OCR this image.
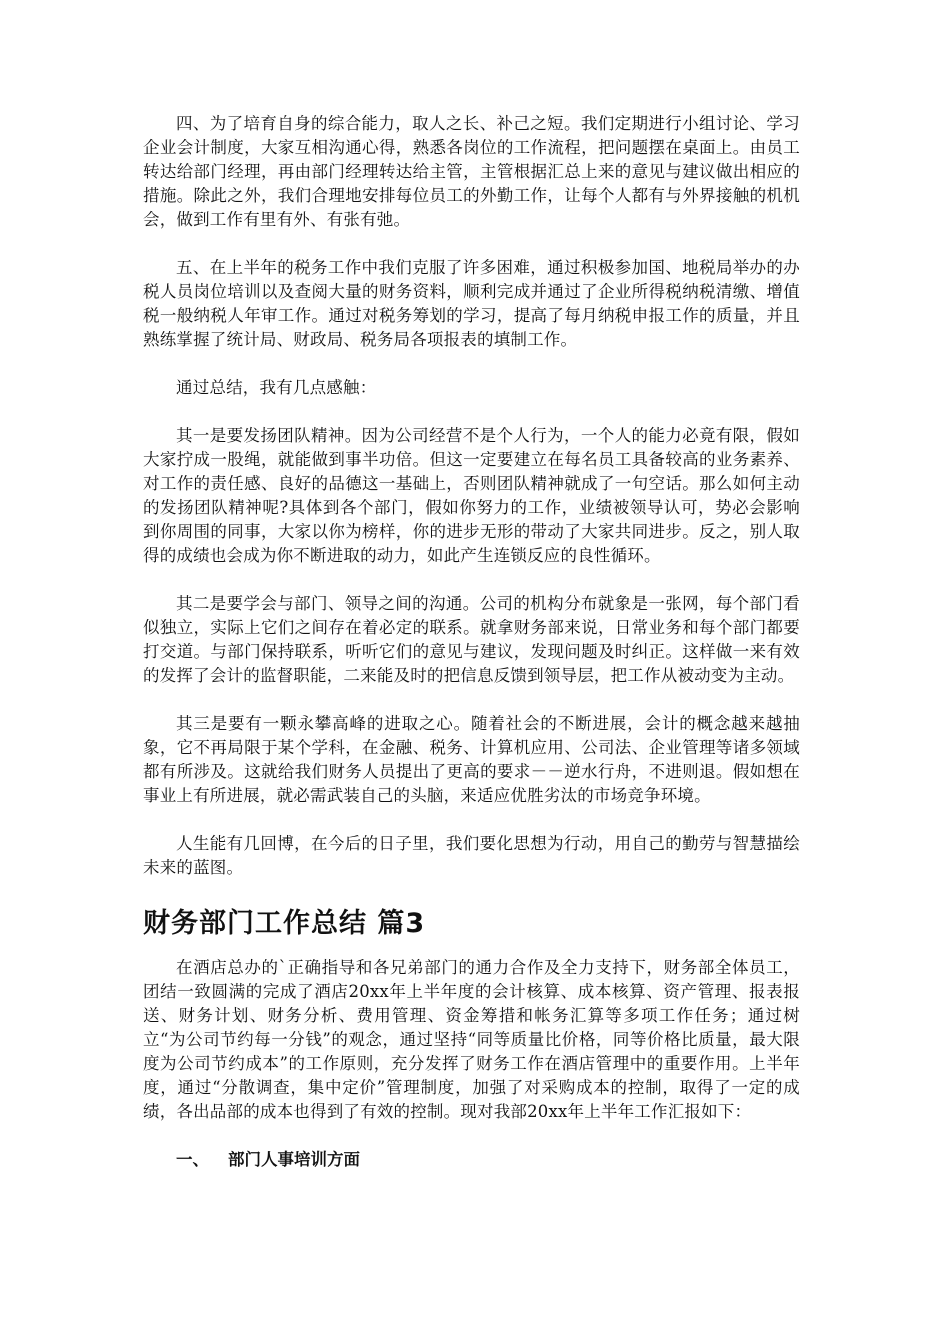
四、为了培育自身的综合能力，取人之长、补己之短。我们定期进行小组讨论、学习企业会计制度，大家互相沟通心得，熟悉各岗位的工作流程，把问题摆在桌面上。由员工转达给部门经理，再由部门经理转达给主管，主管根据汇总上来的意见与建议做出相应的措施。除此之外，我们合理地安排每位员工的外勤工作，让每个人都有与外界接触的机机会，做到工作有里有外、有张有弛。

五、在上半年的税务工作中我们克服了许多困难，通过积极参加国、地税局举办的办税人员岗位培训以及查阅大量的财务资料，顺利完成并通过了企业所得税纳税清缴、增值税一般纳税人年审工作。通过对税务筹划的学习，提高了每月纳税申报工作的质量，并且熟练掌握了统计局、财政局、税务局各项报表的填制工作。

通过总结，我有几点感触：

其一是要发扬团队精神。因为公司经营不是个人行为，一个人的能力必竟有限，假如大家拧成一股绳，就能做到事半功倍。但这一定要建立在每名员工具备较高的业务素养、对工作的责任感、良好的品德这一基础上，否则团队精神就成了一句空话。那么如何主动的发扬团队精神呢?具体到各个部门，假如你努力的工作，业绩被领导认可，势必会影响到你周围的同事，大家以你为榜样，你的进步无形的带动了大家共同进步。反之，别人取得的成绩也会成为你不断进取的动力，如此产生连锁反应的良性循环。

其二是要学会与部门、领导之间的沟通。公司的机构分布就象是一张网，每个部门看似独立，实际上它们之间存在着必定的联系。就拿财务部来说，日常业务和每个部门都要打交道。与部门保持联系，听听它们的意见与建议，发现问题及时纠正。这样做一来有效的发挥了会计的监督职能，二来能及时的把信息反馈到领导层，把工作从被动变为主动。

其三是要有一颗永攀高峰的进取之心。随着社会的不断进展，会计的概念越来越抽象，它不再局限于某个学科，在金融、税务、计算机应用、公司法、企业管理等诸多领域都有所涉及。这就给我们财务人员提出了更高的要求－－逆水行舟，不进则退。假如想在事业上有所进展，就必需武装自己的头脑，来适应优胜劣汰的市场竞争环境。

人生能有几回博，在今后的日子里，我们要化思想为行动，用自己的勤劳与智慧描绘未来的蓝图。

财务部门工作总结 篇3

在酒店总办的`正确指导和各兄弟部门的通力合作及全力支持下，财务部全体员工，团结一致圆满的完成了酒店20xx年上半年度的会计核算、成本核算、资产管理、报表报送、财务计划、财务分析、费用管理、资金筹措和帐务汇算等多项工作任务；通过树立“为公司节约每一分钱”的观念，通过坚持“同等质量比价格，同等价格比质量，最大限度为公司节约成本”的工作原则，充分发挥了财务工作在酒店管理中的重要作用。上半年度，通过“分散调查，集中定价”管理制度，加强了对采购成本的控制，取得了一定的成绩，各出品部的成本也得到了有效的控制。现对我部20xx年上半年工作汇报如下：

一、 部门人事培训方面
